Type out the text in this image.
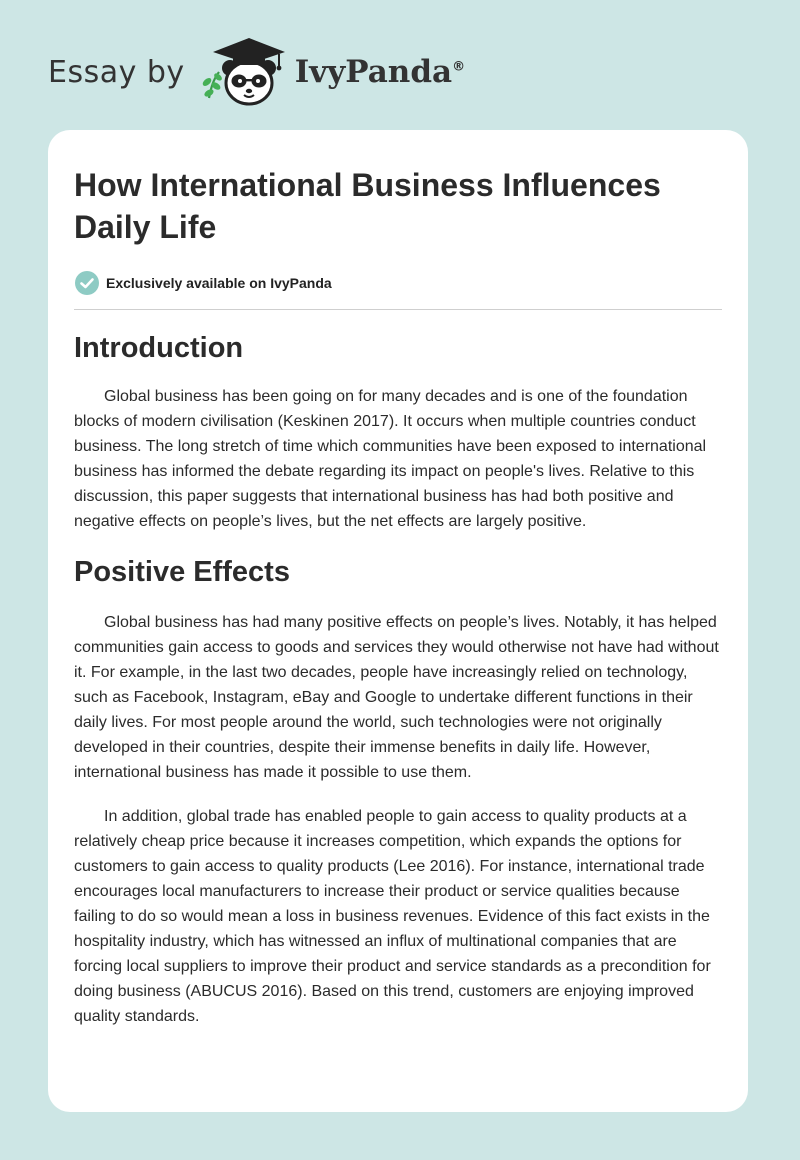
Essay by	IvyPanda®
How International Business Influences Daily Life
Exclusively available on IvyPanda
Introduction

Global business has been going on for many decades and is one of the foundation blocks of modern civilisation (Keskinen 2017). It occurs when multiple countries conduct business. The long stretch of time which communities have been exposed to international business has informed the debate regarding its impact on people's lives. Relative to this discussion, this paper suggests that international business has had both positive and negative effects on people’s lives, but the net effects are largely positive.

Positive Effects

Global business has had many positive effects on people’s lives. Notably, it has helped communities gain access to goods and services they would otherwise not have had without it. For example, in the last two decades, people have increasingly relied on technology, such as Facebook, Instagram, eBay and Google to undertake different functions in their daily lives. For most people around the world, such technologies were not originally developed in their countries, despite their immense benefits in daily life. However, international business has made it possible to use them.

In addition, global trade has enabled people to gain access to quality products at a relatively cheap price because it increases competition, which expands the options for customers to gain access to quality products (Lee 2016). For instance, international trade encourages local manufacturers to increase their product or service qualities because failing to do so would mean a loss in business revenues. Evidence of this fact exists in the hospitality industry, which has witnessed an influx of multinational companies that are forcing local suppliers to improve their product and service standards as a precondition for doing business (ABUCUS 2016). Based on this trend, customers are enjoying improved quality standards.
